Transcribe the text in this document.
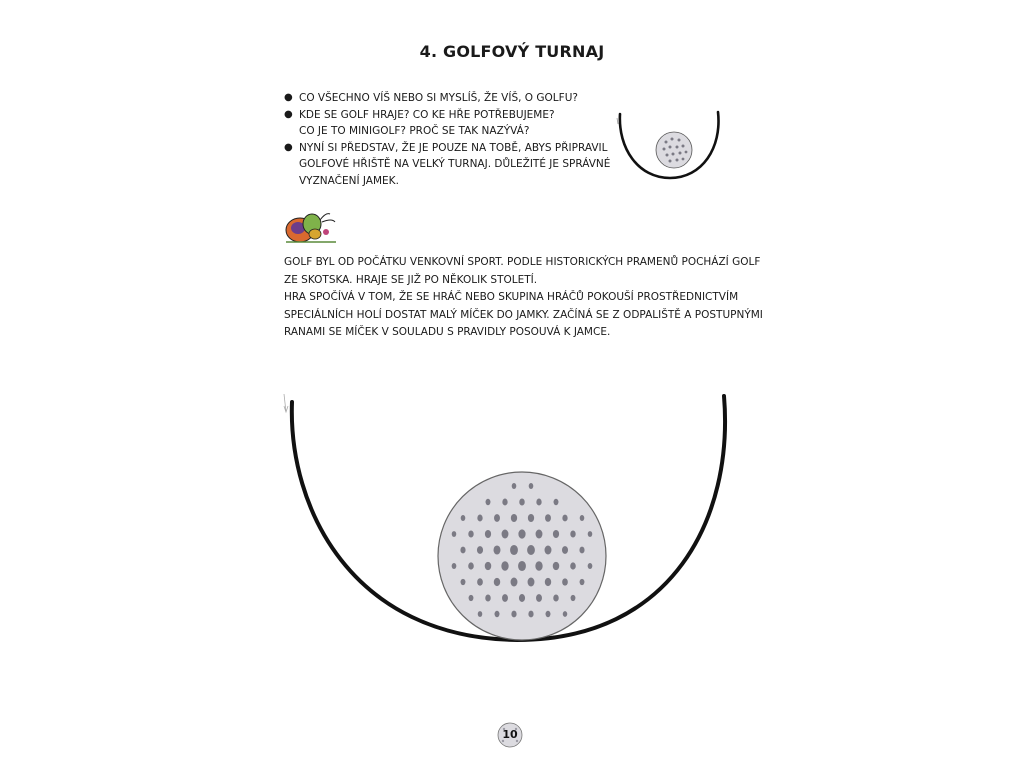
4. GOLFOVÝ TURNAJ
● CO VŠECHNO VÍŠ NEBO SI MYSLÍŠ, ŽE VÍŠ, O GOLFU?
● KDE SE GOLF HRAJE? CO KE HŘE POTŘEBUJEME?
CO JE TO MINIGOLF? PROČ SE TAK NAZÝVÁ?
● NYNÍ SI PŘEDSTAV, ŽE JE POUZE NA TOBĚ, ABYS PŘIPRAVIL
GOLFOVÉ HŘIŠTĚ NA VELKÝ TURNAJ. DŮLEŽITÉ JE SPRÁVNÉ
VYZNAČENÍ JAMEK.
GOLF BYL OD POČÁTKU VENKOVNÍ SPORT. PODLE HISTORICKÝCH PRAMENŮ POCHÁZÍ GOLF
ZE SKOTSKA. HRAJE SE JIŽ PO NĚKOLIK STOLETÍ.
HRA SPOČÍVÁ V TOM, ŽE SE HRÁČ NEBO SKUPINA HRÁČŮ POKOUŠÍ PROSTŘEDNICTVÍM
SPECIÁLNÍCH HOLÍ DOSTAT MALÝ MÍČEK DO JAMKY. ZAČÍNÁ SE Z ODPALIŠTĚ A POSTUPNÝMI
RANAMI SE MÍČEK V SOULADU S PRAVIDLY POSOUVÁ K JAMCE.
10
